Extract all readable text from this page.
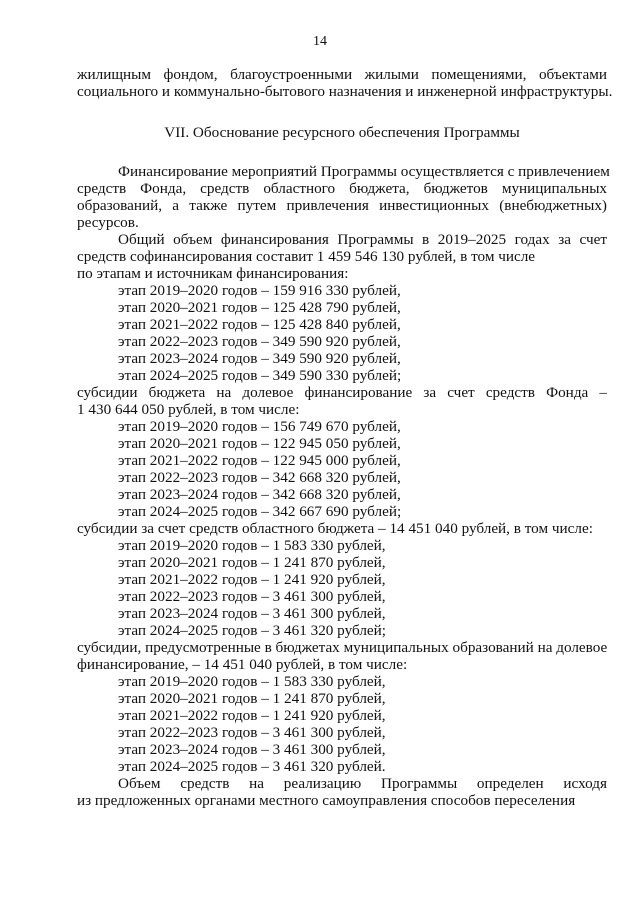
14
жилищным фондом, благоустроенными жилыми помещениями, объектами
социального и коммунально-бытового назначения и инженерной инфраструктуры.
VII. Обоснование ресурсного обеспечения Программы
Финансирование мероприятий Программы осуществляется с привлечением
средств Фонда, средств областного бюджета, бюджетов муниципальных
образований, а также путем привлечения инвестиционных (внебюджетных)
ресурсов.
Общий объем финансирования Программы в 2019–2025 годах за счет
средств софинансирования составит 1 459 546 130 рублей, в том числе
по этапам и источникам финансирования:
этап 2019–2020 годов – 159 916 330 рублей,
этап 2020–2021 годов – 125 428 790 рублей,
этап 2021–2022 годов – 125 428 840 рублей,
этап 2022–2023 годов – 349 590 920 рублей,
этап 2023–2024 годов – 349 590 920 рублей,
этап 2024–2025 годов – 349 590 330 рублей;
субсидии бюджета на долевое финансирование за счет средств Фонда –
1 430 644 050 рублей, в том числе:
этап 2019–2020 годов – 156 749 670 рублей,
этап 2020–2021 годов – 122 945 050 рублей,
этап 2021–2022 годов – 122 945 000 рублей,
этап 2022–2023 годов – 342 668 320 рублей,
этап 2023–2024 годов – 342 668 320 рублей,
этап 2024–2025 годов – 342 667 690 рублей;
субсидии за счет средств областного бюджета – 14 451 040 рублей, в том числе:
этап 2019–2020 годов – 1 583 330 рублей,
этап 2020–2021 годов – 1 241 870 рублей,
этап 2021–2022 годов – 1 241 920 рублей,
этап 2022–2023 годов – 3 461 300 рублей,
этап 2023–2024 годов – 3 461 300 рублей,
этап 2024–2025 годов – 3 461 320 рублей;
субсидии, предусмотренные в бюджетах муниципальных образований на долевое
финансирование, – 14 451 040 рублей, в том числе:
этап 2019–2020 годов – 1 583 330 рублей,
этап 2020–2021 годов – 1 241 870 рублей,
этап 2021–2022 годов – 1 241 920 рублей,
этап 2022–2023 годов – 3 461 300 рублей,
этап 2023–2024 годов – 3 461 300 рублей,
этап 2024–2025 годов – 3 461 320 рублей.
Объем средств на реализацию Программы определен исходя
из предложенных органами местного самоуправления способов переселения
